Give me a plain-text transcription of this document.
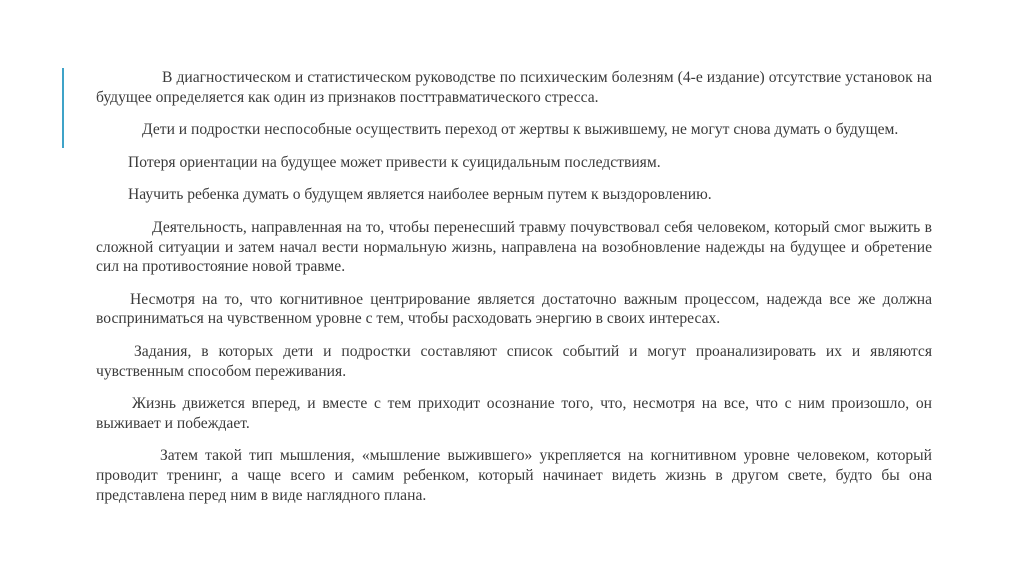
В диагностическом и статистическом руководстве по психическим болезням (4-е издание) отсутствие установок на будущее определяется как один из признаков посттравматического стресса.

Дети и подростки неспособные осуществить переход от жертвы к выжившему, не могут снова думать о будущем.

Потеря ориентации на будущее может привести к суицидальным последствиям.

Научить ребенка думать о будущем является наиболее верным путем к выздоровлению.

Деятельность, направленная на то, чтобы перенесший травму почувствовал себя человеком, который смог выжить в сложной ситуации и затем начал вести нормальную жизнь, направлена на возобновление надежды на будущее и обретение сил на противостояние новой травме.

Несмотря на то, что когнитивное центрирование является достаточно важным процессом, надежда все же должна восприниматься на чувственном уровне с тем, чтобы расходовать энергию в своих интересах.

Задания, в которых дети и подростки составляют список событий и могут проанализировать их и являются чувственным способом переживания.

Жизнь движется вперед, и вместе с тем приходит осознание того, что, несмотря на все, что с ним произошло, он выживает и побеждает.

Затем такой тип мышления, «мышление выжившего» укрепляется на когнитивном уровне человеком, который проводит тренинг, а чаще всего и самим ребенком, который начинает видеть жизнь в другом свете, будто бы она представлена перед ним в виде наглядного плана.
